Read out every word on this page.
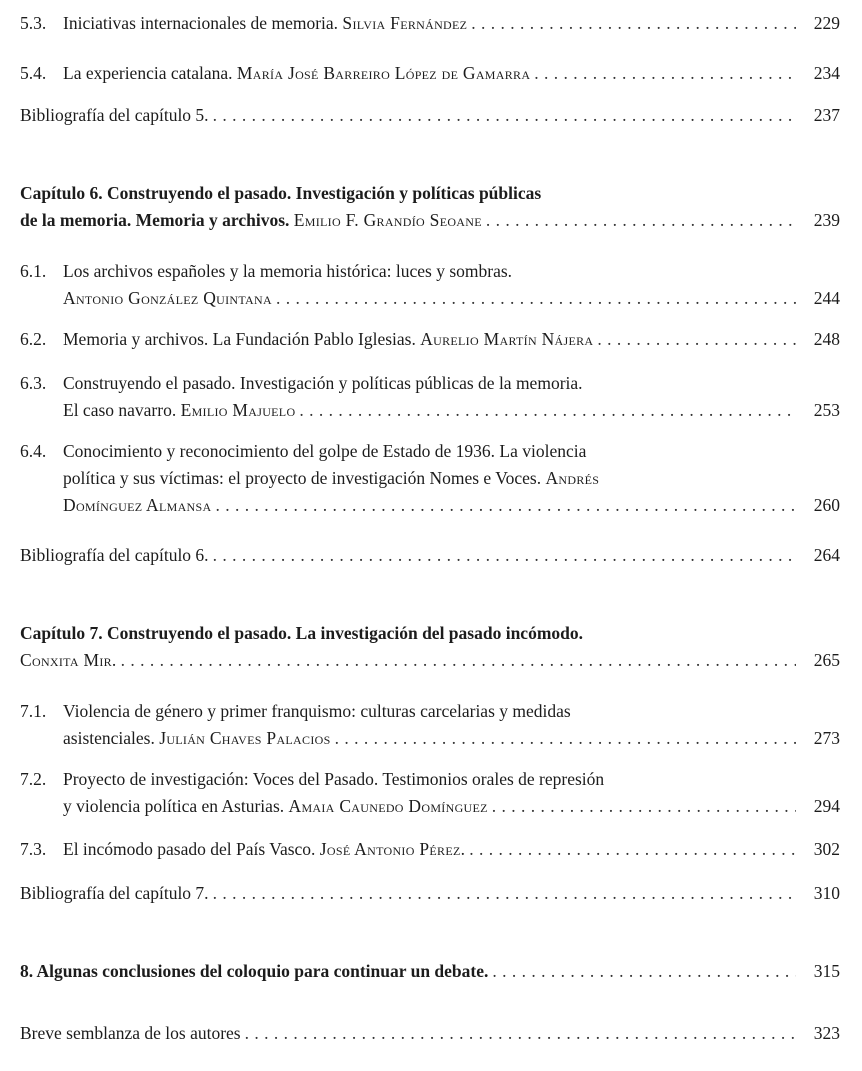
5.3. Iniciativas internacionales de memoria.
Silvia Fernández . . .	229
5.4. La experiencia catalana.
María José Barreiro López de Gamarra . . .	234
Bibliografía del capítulo 5. . . .	237
Capítulo 6. Construyendo el pasado. Investigación y políticas públicas
de la memoria. Memoria y archivos.
Emilio F. Grandío Seoane . . .	239
6.1. Los archivos españoles y la memoria histórica: luces y sombras.
Antonio González Quintana . . .	244
6.2. Memoria y archivos. La Fundación Pablo Iglesias.
Aurelio Martín Nájera . . .	248
6.3. Construyendo el pasado. Investigación y políticas públicas de la memoria.
El caso navarro.
Emilio Majuelo . . .	253
6.4. Conocimiento y reconocimiento del golpe de Estado de 1936. La violencia
política y sus víctimas: el proyecto de investigación Nomes e Voces.
Andrés
Domínguez Almansa . . .	260
Bibliografía del capítulo 6. . . .	264
Capítulo 7. Construyendo el pasado. La investigación del pasado incómodo.
Conxita Mir. . . .	265
7.1. Violencia de género y primer franquismo: culturas carcelarias y medidas
asistenciales.
Julián Chaves Palacios . . .	273
7.2. Proyecto de investigación: Voces del Pasado. Testimonios orales de represión
y violencia política en Asturias.
Amaia Caunedo Domínguez . . .	294
7.3. El incómodo pasado del País Vasco.
José Antonio Pérez. . . .	302
Bibliografía del capítulo 7. . . .	310
8. Algunas conclusiones del coloquio para continuar un debate. . . .	315
Breve semblanza de los autores . . .	323
